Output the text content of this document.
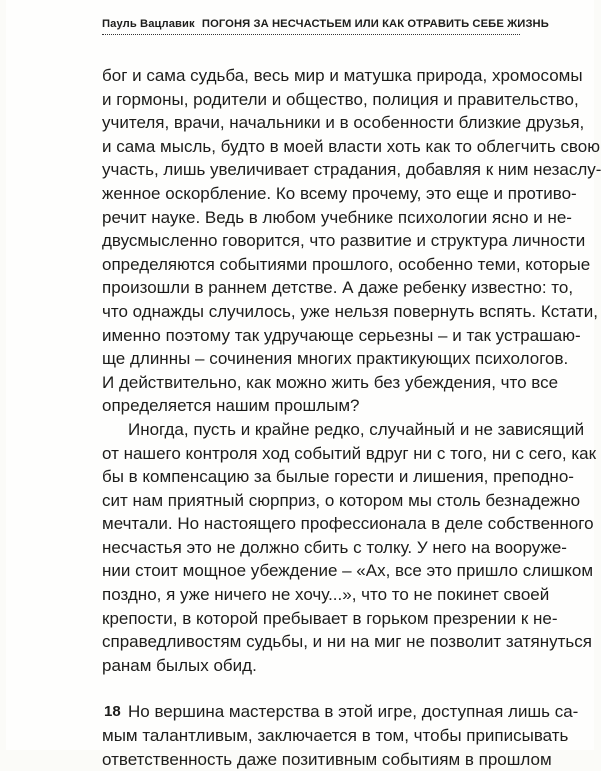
Пауль Вацлавик ПОГОНЯ ЗА НЕСЧАСТЬЕМ ИЛИ КАК ОТРАВИТЬ СЕБЕ ЖИЗНЬ
бог и сама судьба, весь мир и матушка природа, хромосомы
и гормоны, родители и общество, полиция и правительство,
учителя, врачи, начальники и в особенности близкие друзья,
и сама мысль, будто в моей власти хоть как то облегчить свою
участь, лишь увеличивает страдания, добавляя к ним незаслу-
женное оскорбление. Ко всему прочему, это еще и противо-
речит науке. Ведь в любом учебнике психологии ясно и не-
двусмысленно говорится, что развитие и структура личности
определяются событиями прошлого, особенно теми, которые
произошли в раннем детстве. А даже ребенку известно: то,
что однажды случилось, уже нельзя повернуть вспять. Кстати,
именно поэтому так удручающе серьезны – и так устрашаю-
ще длинны – сочинения многих практикующих психологов.
И действительно, как можно жить без убеждения, что все
определяется нашим прошлым?
Иногда, пусть и крайне редко, случайный и не зависящий
от нашего контроля ход событий вдруг ни с того, ни с сего, как
бы в компенсацию за былые горести и лишения, преподно-
сит нам приятный сюрприз, о котором мы столь безнадежно
мечтали. Но настоящего профессионала в деле собственного
несчастья это не должно сбить с толку. У него на вооруже-
нии стоит мощное убеждение – «Ах, все это пришло слишком
поздно, я уже ничего не хочу...», что то не покинет своей
крепости, в которой пребывает в горьком презрении к не-
справедливостям судьбы, и ни на миг не позволит затянуться
ранам былых обид.
Но вершина мастерства в этой игре, доступная лишь са-
мым талантливым, заключается в том, чтобы приписывать
ответственность даже позитивным событиям в прошлом
18
